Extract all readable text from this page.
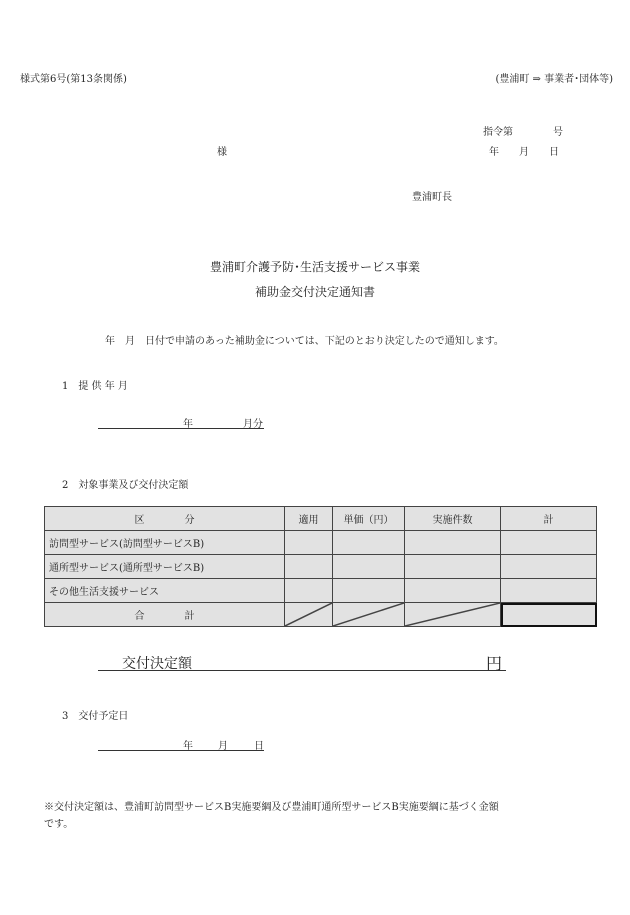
様式第6号(第13条関係)	(豊浦町 ⇒ 事業者･団体等)
指令第　　　　号
年　　月　　日
様
豊浦町長
豊浦町介護予防･生活支援サービス事業
補助金交付決定通知書
年　月　日付で申請のあった補助金については、下記のとおり決定したので通知します。
1　提 供 年 月
年	月分
2　対象事業及び交付決定額
区　　　　分	適用	単価（円）	実施件数	計
訪問型サービス(訪問型サービスB)				
通所型サービス(通所型サービスB)				
その他生活支援サービス				
合　　　　計	

交付決定額	円
3　交付予定日
年	月	日
※交付決定額は、豊浦町訪問型サービスB実施要綱及び豊浦町通所型サービスB実施要綱に基づく金額
です。
